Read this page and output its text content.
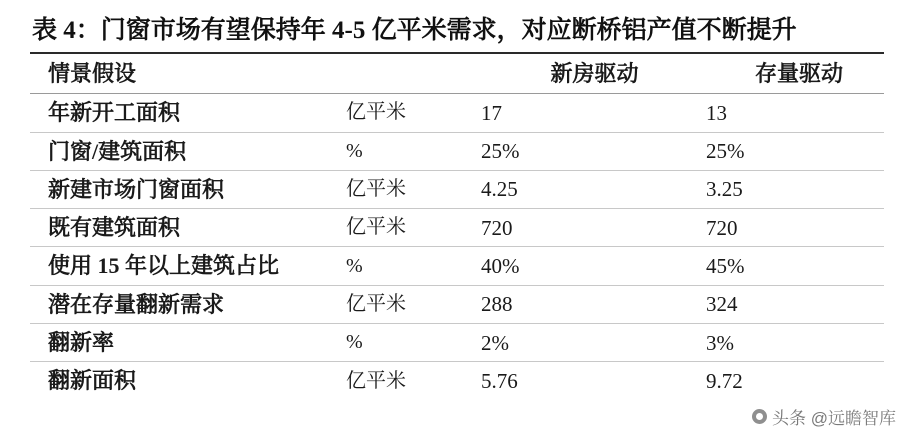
表 4：门窗市场有望保持年 4-5 亿平米需求，对应断桥铝产值不断提升
情景假设		新房驱动	存量驱动
年新开工面积	亿平米	17	13
门窗/建筑面积	%	25%	25%
新建市场门窗面积	亿平米	4.25	3.25
既有建筑面积	亿平米	720	720
使用 15 年以上建筑占比	%	40%	45%
潜在存量翻新需求	亿平米	288	324
翻新率	%	2%	3%
翻新面积	亿平米	5.76	9.72
头条 @远瞻智库
